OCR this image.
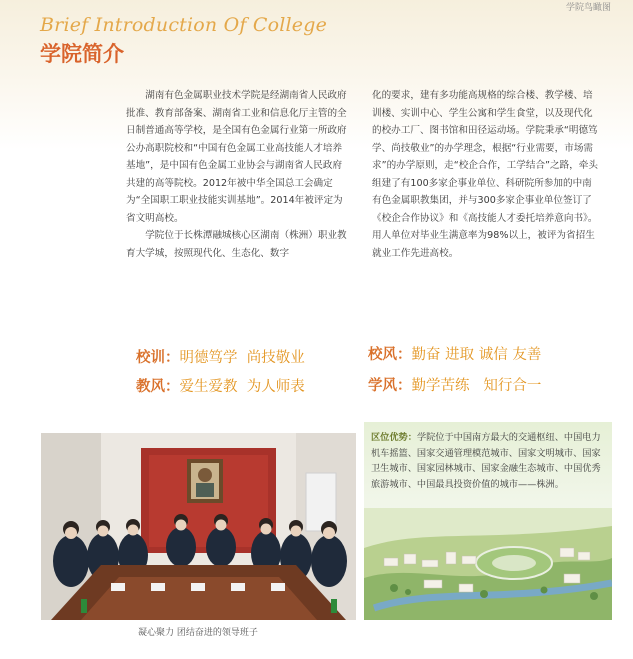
学院鸟瞰图
Brief Introduction Of College
学院简介

湖南有色金属职业技术学院是经湖南省人民政府批准、教育部备案、湖南省工业和信息化厅主管的全日制普通高等学校，是全国有色金属行业第一所政府公办高职院校和“中国有色金属工业高技能人才培养基地”，是中国有色金属工业协会与湖南省人民政府共建的高等院校。2012年被中华全国总工会确定为“全国职工职业技能实训基地”。2014年被评定为省文明高校。

学院位于长株潭融城核心区湖南（株洲）职业教育大学城，按照现代化、生态化、数字

化的要求，建有多功能高规格的综合楼、教学楼、培训楼、实训中心、学生公寓和学生食堂，以及现代化的校办工厂、图书馆和田径运动场。学院秉承“明德笃学、尚技敬业”的办学理念，根据“行业需要，市场需求”的办学原则，走“校企合作，工学结合”之路，牵头组建了有100多家企事业单位、科研院所参加的中南有色金属职教集团，并与300多家企事业单位签订了《校企合作协议》和《高技能人才委托培养意向书》。用人单位对毕业生满意率为98%以上，被评为省招生就业工作先进高校。

校训：明德笃学  尚技敬业
教风：爱生爱教  为人师表
校风：勤奋 进取 诚信 友善
学风：勤学苦练   知行合一
凝心聚力 团结奋进的领导班子
区位优势：学院位于中国南方最大的交通枢纽、中国电力机车摇篮、国家交通管理模范城市、国家文明城市、国家卫生城市、国家园林城市、国家金融生态城市、中国优秀旅游城市、中国最具投资价值的城市——株洲。
